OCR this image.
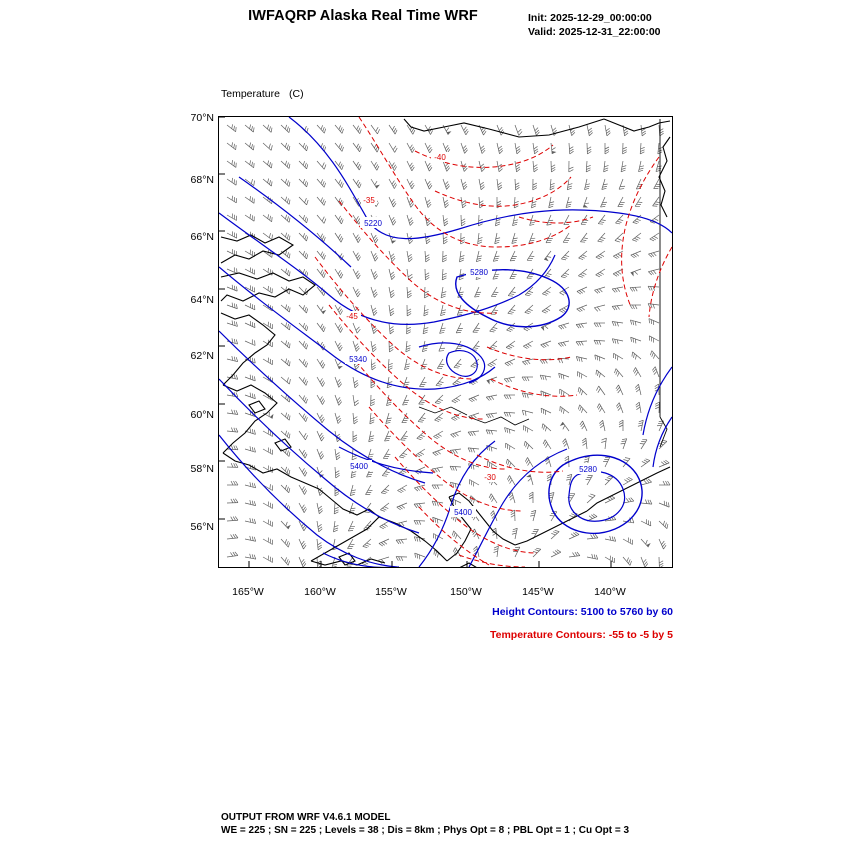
IWFAQRP Alaska Real Time WRF	Init: 2025-12-29_00:00:00
Valid: 2025-12-31_22:00:00

Temperature (C)

70°N
68°N
66°N
64°N
62°N
60°N
58°N
56°N
165°W	160°W	155°W	150°W	145°W	140°W
-40
-35
5220
5280
-45
5340
5400
-30
5280
5400
Height Contours: 5100 to 5760 by 60
Temperature Contours: -55 to -5 by 5
OUTPUT FROM WRF V4.6.1 MODEL
WE = 225 ; SN = 225 ; Levels = 38 ; Dis = 8km ; Phys Opt = 8 ; PBL Opt = 1 ; Cu Opt = 3
